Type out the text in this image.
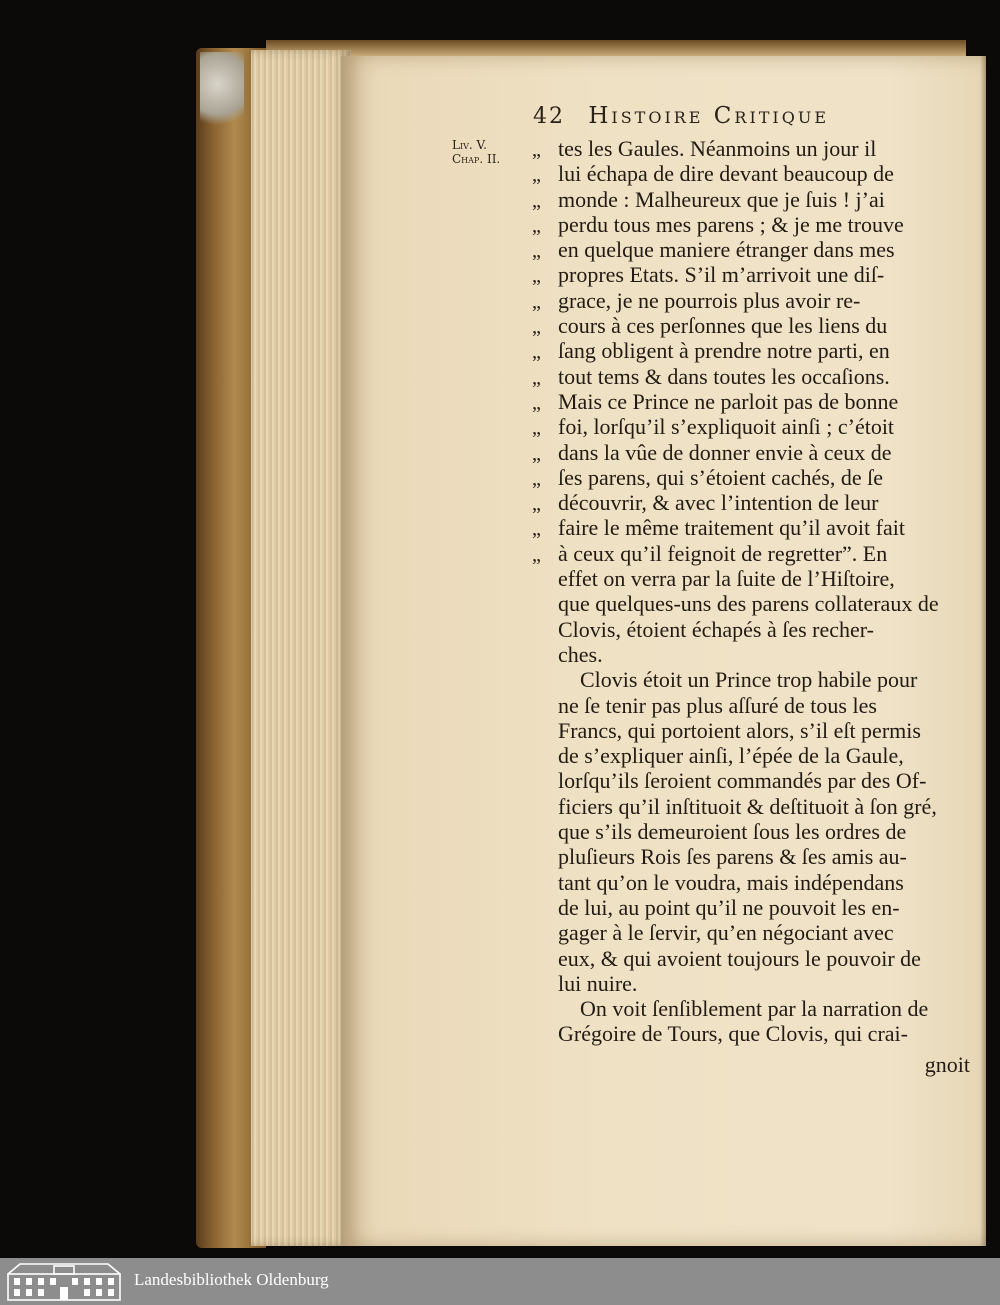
42 Histoire Critique
Liv. V.
Chap. II.	„ tes les Gaules. Néanmoins un jour il
„ lui échapa de dire devant beaucoup de
„ monde : Malheureux que je ſuis ! j’ai
„ perdu tous mes parens ; & je me trouve
„ en quelque maniere étranger dans mes
„ propres Etats. S’il m’arrivoit une diſ-
„ grace, je ne pourrois plus avoir re-
„ cours à ces perſonnes que les liens du
„ ſang obligent à prendre notre parti, en
„ tout tems & dans toutes les occaſions.
„ Mais ce Prince ne parloit pas de bonne
„ foi, lorſqu’il s’expliquoit ainſi ; c’étoit
„ dans la vûe de donner envie à ceux de
„ ſes parens, qui s’étoient cachés, de ſe
„ découvrir, & avec l’intention de leur
„ faire le même traitement qu’il avoit fait
„ à ceux qu’il feignoit de regretter”. En
effet on verra par la ſuite de l’Hiſtoire,
que quelques-uns des parens collateraux de
Clovis, étoient échapés à ſes recher-
ches.
Clovis étoit un Prince trop habile pour
ne ſe tenir pas plus aſſuré de tous les
Francs, qui portoient alors, s’il eſt permis
de s’expliquer ainſi, l’épée de la Gaule,
lorſqu’ils ſeroient commandés par des Of-
ficiers qu’il inſtituoit & deſtituoit à ſon gré,
que s’ils demeuroient ſous les ordres de
pluſieurs Rois ſes parens & ſes amis au-
tant qu’on le voudra, mais indépendans
de lui, au point qu’il ne pouvoit les en-
gager à le ſervir, qu’en négociant avec
eux, & qui avoient toujours le pouvoir de
lui nuire.
On voit ſenſiblement par la narration de
Grégoire de Tours, que Clovis, qui crai-
gnoit
Landesbibliothek Oldenburg
